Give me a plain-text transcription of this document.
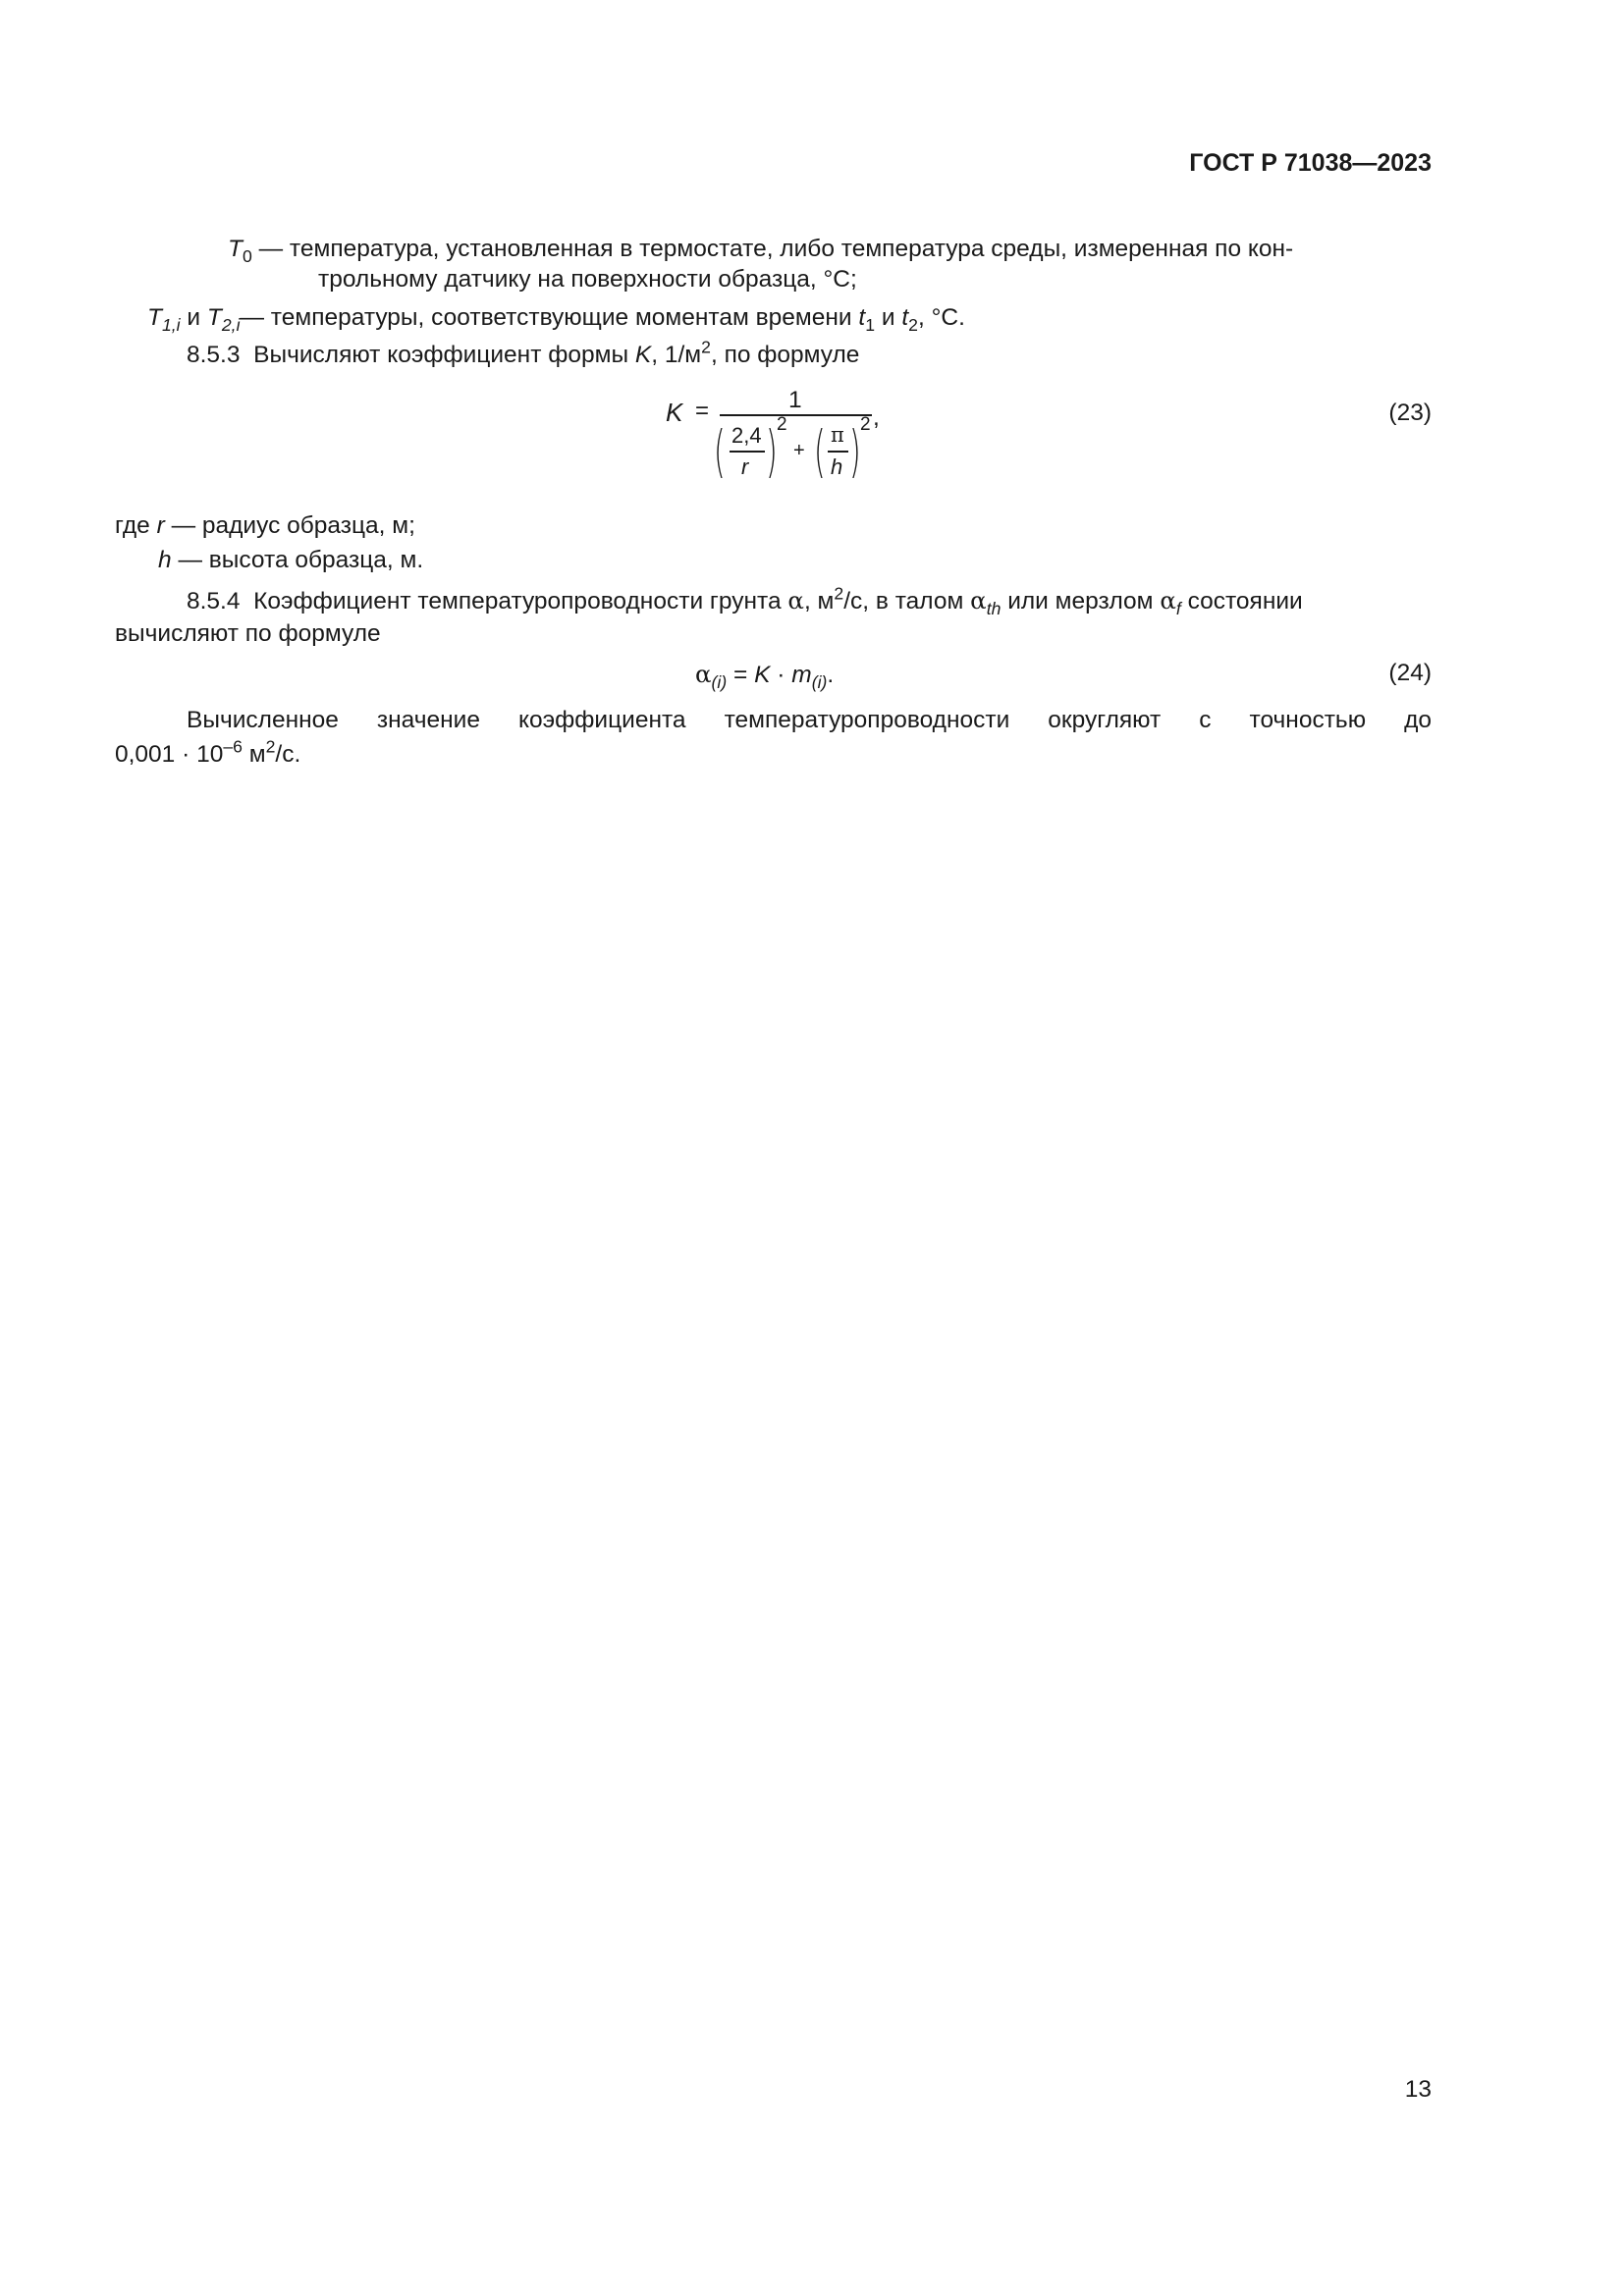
ГОСТ Р 71038—2023
$T_0$ — температура, установленная в термостате, либо температура среды, измеренная по кон-
трольному датчику на поверхности образца, °С;
$T_{1,i}$ и $T_{2,i}—$ температуры, соответствующие моментам времени $t_1$ и $t_2$, °С.
8.5.3 Вычисляют коэффициент формы K, $1/м^2$, по формуле
K =	1
,
( 2,4
r ) 2
+ ( π
h ) 2	(23)
где r — радиус образца, м;
h — высота образца, м.
8.5.4 Коэффициент температуропроводности грунта α, $м^2/с$, в талом $\alpha_{th}$ или мерзлом $\alpha_f$ состоянии
вычисляют по формуле
$\alpha_{(i)} = K \cdot m_{(i)}$.	(24)
Вычисленное значение коэффициента температуропроводности округляют с точностью до
$0,001 \cdot 10^{-6}$ $м^2/с$.
13
